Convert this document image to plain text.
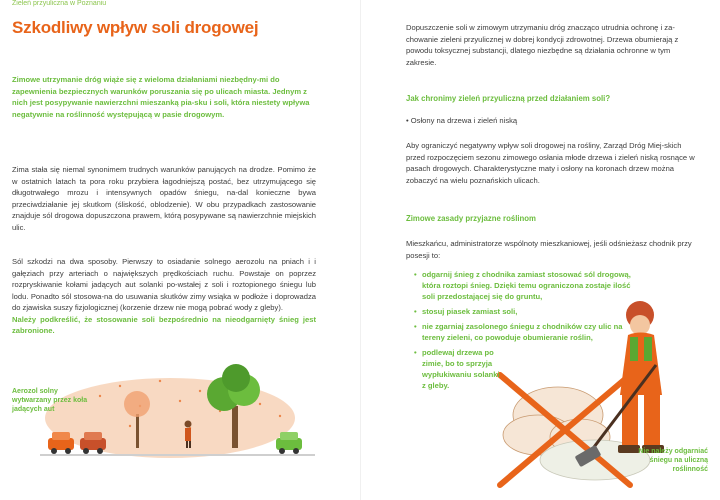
Zieleń przyuliczna w Poznaniu
Szkodliwy wpływ soli drogowej

Zimowe utrzymanie dróg wiąże się z wieloma działaniami niezbędny-mi do zapewnienia bezpiecznych warunków poruszania się po ulicach miasta. Jednym z nich jest posypywanie nawierzchni mieszanką pia-sku i soli, która niestety wpływa negatywnie na roślinność występującą w pasie drogowym.

Zima stała się niemal synonimem trudnych warunków panujących na drodze. Pomimo że w ostatnich latach ta pora roku przybiera łagodniejszą postać, bez utrzymującego się długotrwałego mrozu i intensywnych opadów śniegu, na-dal konieczne bywa przeciwdziałanie jej skutkom (śliskość, oblodzenie). W obu przypadkach zastosowanie znajduje sól drogowa dopuszczona prawem, którą posypywane są nawierzchnie miejskich ulic.

Sól szkodzi na dwa sposoby. Pierwszy to osiadanie solnego aerozolu na pniach i i gałęziach przy arteriach o największych prędkościach ruchu. Powstaje on poprzez rozpryskiwanie kołami jadących aut solanki po-wstałej z soli i roztopionego śniegu lub lodu. Ponadto sól stosowa-na do usuwania skutków zimy wsiąka w podłoże i doprowadza do zjawiska suszy fizjologicznej (korzenie drzew nie mogą pobrać wody z gleby).

Należy podkreślić, że stosowanie soli bezpośrednio na nieodgarnięty śnieg jest zabronione.

Aerozol solny wytwarzany przez koła jadących aut

Dopuszczenie soli w zimowym utrzymaniu dróg znacząco utrudnia ochronę i za-chowanie zieleni przyulicznej w dobrej kondycji zdrowotnej. Drzewa obumierają z powodu toksycznej substancji, dlatego niezbędne są działania ochronne w tym zakresie.

Jak chronimy zieleń przyuliczną przed działaniem soli?
• Osłony na drzewa i zieleń niską

Aby ograniczyć negatywny wpływ soli drogowej na rośliny, Zarząd Dróg Miej-skich przed rozpoczęciem sezonu zimowego osłania młode drzewa i zieleń niską rosnące w pasach drogowych. Charakterystyczne maty i osłony na koronach drzew można zobaczyć na wielu poznańskich ulicach.

Zimowe zasady przyjazne roślinom

Mieszkańcu, administratorze wspólnoty mieszkaniowej, jeśli odśnieżasz chodnik przy posesji to:

• odgarnij śnieg z chodnika zamiast stosować sól drogową, która roztopi śnieg. Dzięki temu ograniczona zostaje ilość soli przedostającej się do gruntu,
• stosuj piasek zamiast soli,
• nie zgarniaj zasolonego śniegu z chodników czy ulic na tereny zieleni, co powoduje obumieranie roślin,
• podlewaj drzewa po zimie, bo to sprzyja wypłukiwaniu solanki z gleby.
Nie należy odgarniać śniegu na uliczną roślinność
